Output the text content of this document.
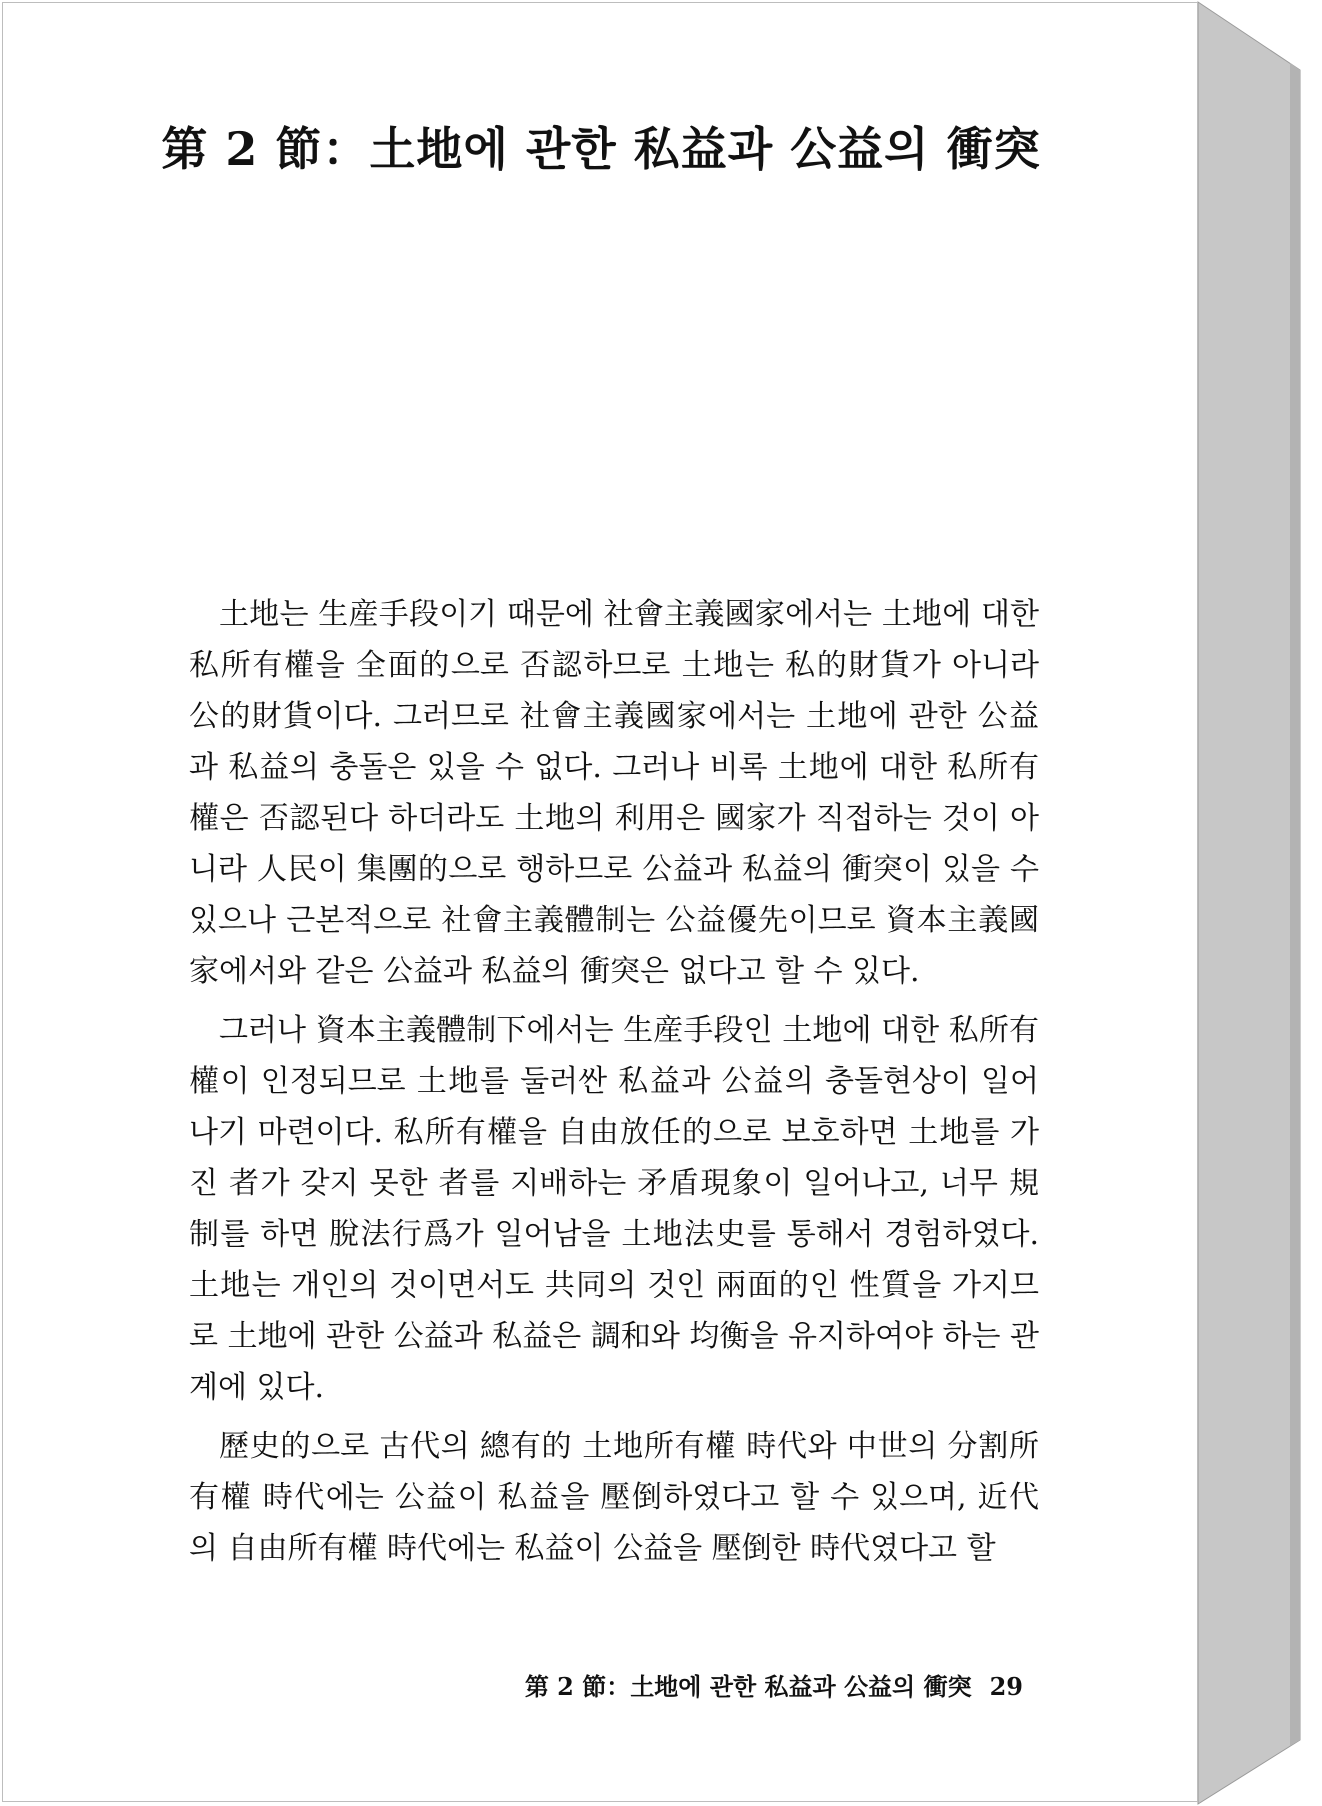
第 2 節：土地에 관한 私益과 公益의 衝突

土地는 生産手段이기 때문에 社會主義國家에서는 土地에 대한 私所有權을 全面的으로 否認하므로 土地는 私的財貨가 아니라 公的財貨이다. 그러므로 社會主義國家에서는 土地에 관한 公益과 私益의 충돌은 있을 수 없다. 그러나 비록 土地에 대한 私所有權은 否認된다 하더라도 土地의 利用은 國家가 직접하는 것이 아니라 人民이 集團的으로 행하므로 公益과 私益의 衝突이 있을 수 있으나 근본적으로 社會主義體制는 公益優先이므로 資本主義國家에서와 같은 公益과 私益의 衝突은 없다고 할 수 있다.

그러나 資本主義體制下에서는 生産手段인 土地에 대한 私所有權이 인정되므로 土地를 둘러싼 私益과 公益의 충돌현상이 일어나기 마련이다. 私所有權을 自由放任的으로 보호하면 土地를 가진 者가 갖지 못한 者를 지배하는 矛盾現象이 일어나고, 너무 規制를 하면 脫法行爲가 일어남을 土地法史를 통해서 경험하였다. 土地는 개인의 것이면서도 共同의 것인 兩面的인 性質을 가지므로 土地에 관한 公益과 私益은 調和와 均衡을 유지하여야 하는 관계에 있다.

歷史的으로 古代의 總有的 土地所有權 時代와 中世의 分割所有權 時代에는 公益이 私益을 壓倒하였다고 할 수 있으며, 近代의 自由所有權 時代에는 私益이 公益을 壓倒한 時代였다고 할

第 2 節：土地에 관한 私益과 公益의 衝突 29
